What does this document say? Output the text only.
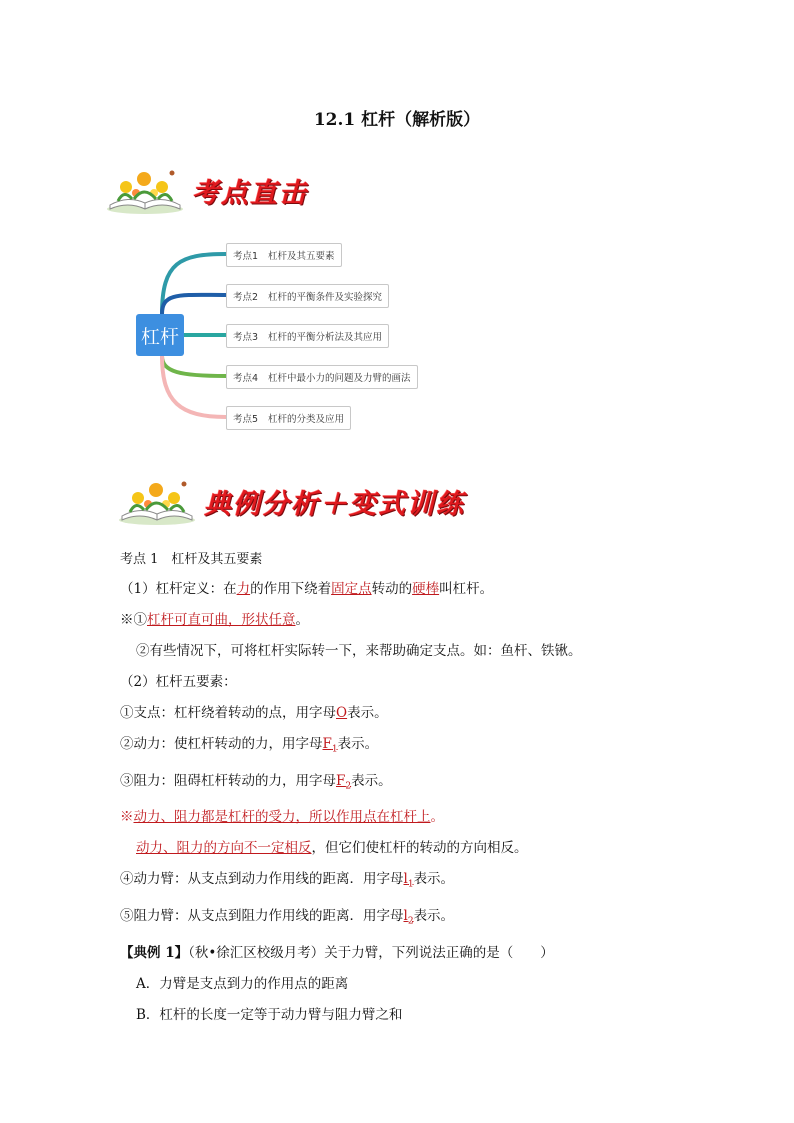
12.1 杠杆（解析版）
考点直击
杠杆
考点1 杠杆及其五要素
考点2 杠杆的平衡条件及实验探究
考点3 杠杆的平衡分析法及其应用
考点4 杠杆中最小力的问题及力臂的画法
考点5 杠杆的分类及应用
典例分析＋变式训练
考点 1　杠杆及其五要素
（1）杠杆定义：在力的作用下绕着固定点转动的硬棒叫杠杆。
※①杠杆可直可曲，形状任意。
②有些情况下，可将杠杆实际转一下，来帮助确定支点。如：鱼杆、铁锹。
（2）杠杆五要素：
①支点：杠杆绕着转动的点，用字母O表示。
②动力：使杠杆转动的力，用字母$F_1$表示。
③阻力：阻碍杠杆转动的力，用字母$F_2$表示。
※动力、阻力都是杠杆的受力，所以作用点在杠杆上。
动力、阻力的方向不一定相反，但它们使杠杆的转动的方向相反。
④动力臂：从支点到动力作用线的距离．用字母$l_1$表示。
⑤阻力臂：从支点到阻力作用线的距离．用字母$l_2$表示。
【典例 1】（秋•徐汇区校级月考）关于力臂，下列说法正确的是（　　）
A．力臂是支点到力的作用点的距离
B．杠杆的长度一定等于动力臂与阻力臂之和
